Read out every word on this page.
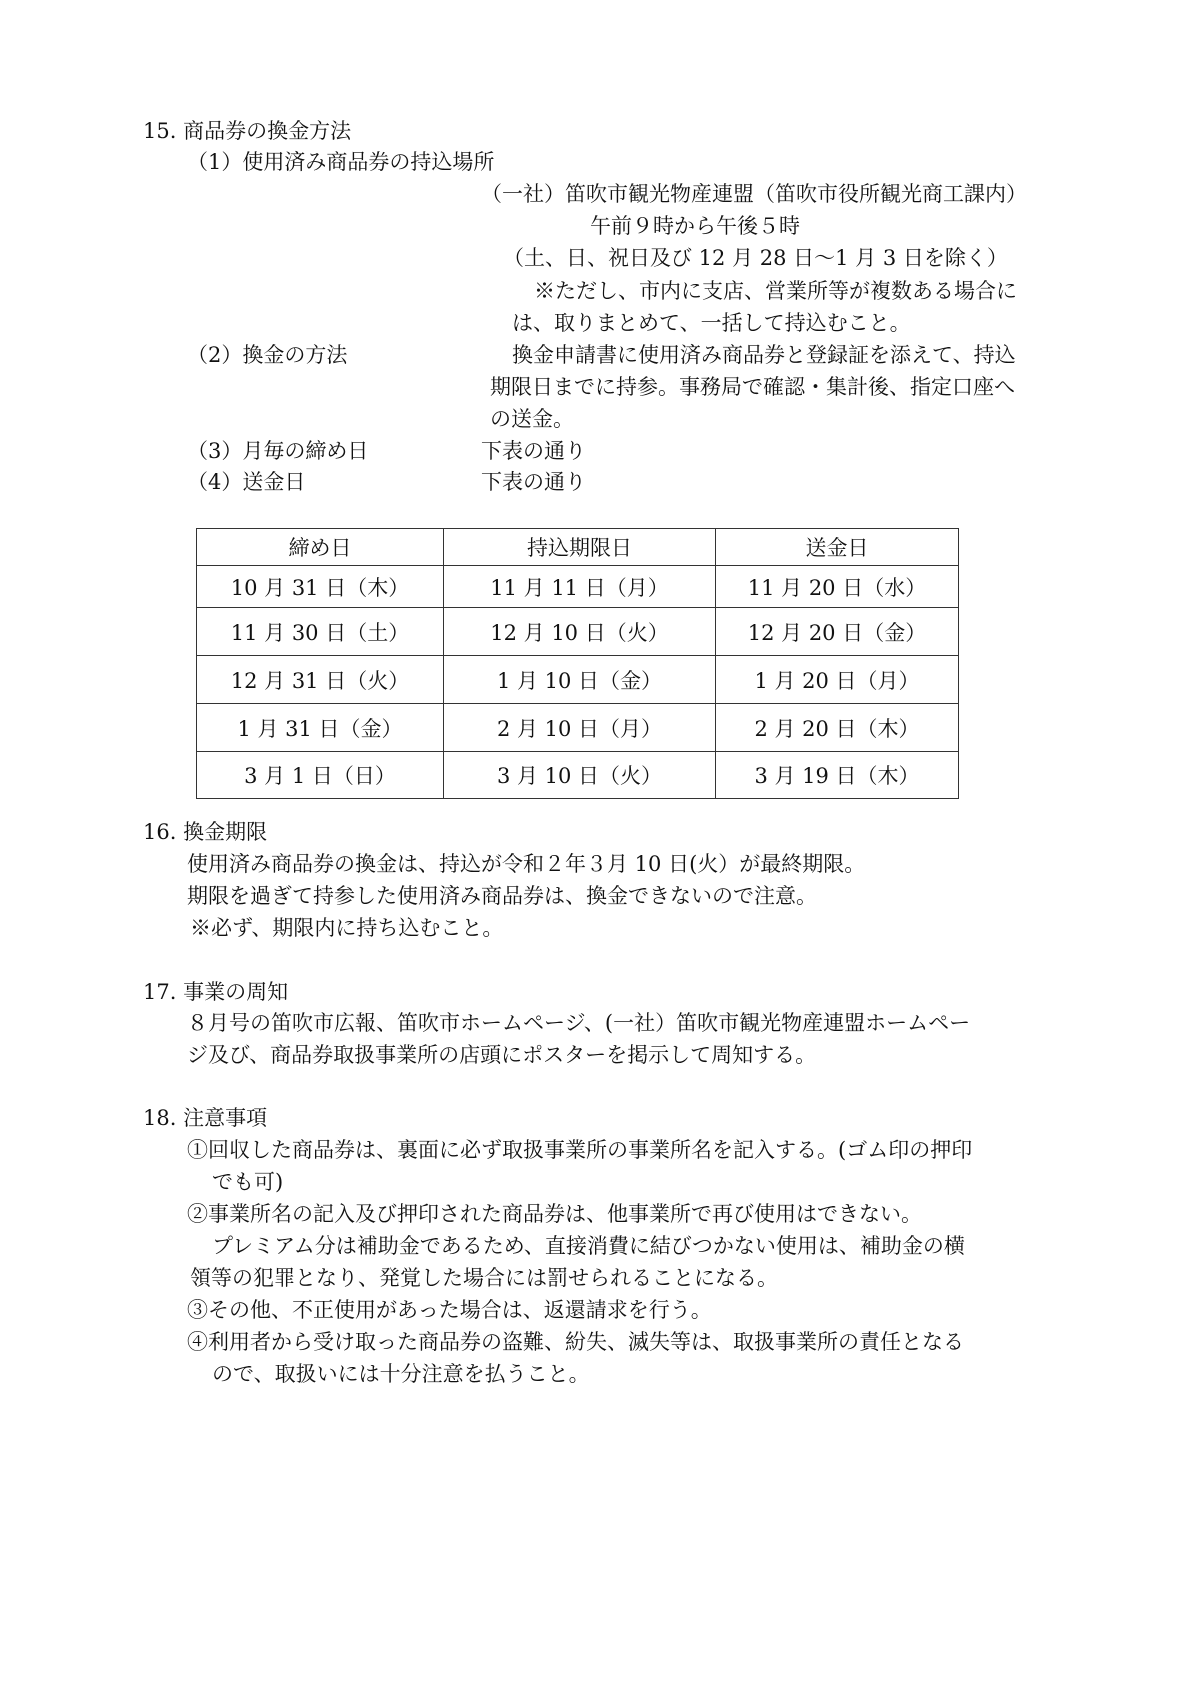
15. 商品券の換金方法
（1）使用済み商品券の持込場所
（一社）笛吹市観光物産連盟（笛吹市役所観光商工課内）
午前９時から午後５時
（土、日、祝日及び 12 月 28 日～1 月 3 日を除く）
※ただし、市内に支店、営業所等が複数ある場合に
は、取りまとめて、一括して持込むこと。
（2）換金の方法	換金申請書に使用済み商品券と登録証を添えて、持込
期限日までに持参。事務局で確認・集計後、指定口座へ
の送金。
（3）月毎の締め日	下表の通り
（4）送金日	下表の通り
締め日	持込期限日	送金日
10 月 31 日（木）	11 月 11 日（月）	11 月 20 日（水）
11 月 30 日（土）	12 月 10 日（火）	12 月 20 日（金）
12 月 31 日（火）	1 月 10 日（金）	1 月 20 日（月）
1 月 31 日（金）	2 月 10 日（月）	2 月 20 日（木）
3 月 1 日（日）	3 月 10 日（火）	3 月 19 日（木）
16. 換金期限
使用済み商品券の換金は、持込が令和２年３月 10 日(火）が最終期限。
期限を過ぎて持参した使用済み商品券は、換金できないので注意。
※必ず、期限内に持ち込むこと。
17. 事業の周知
８月号の笛吹市広報、笛吹市ホームページ、(一社）笛吹市観光物産連盟ホームペー
ジ及び、商品券取扱事業所の店頭にポスターを掲示して周知する。
18. 注意事項
①回収した商品券は、裏面に必ず取扱事業所の事業所名を記入する。(ゴム印の押印
でも可)
②事業所名の記入及び押印された商品券は、他事業所で再び使用はできない。
プレミアム分は補助金であるため、直接消費に結びつかない使用は、補助金の横
領等の犯罪となり、発覚した場合には罰せられることになる。
③その他、不正使用があった場合は、返還請求を行う。
④利用者から受け取った商品券の盗難、紛失、滅失等は、取扱事業所の責任となる
ので、取扱いには十分注意を払うこと。
